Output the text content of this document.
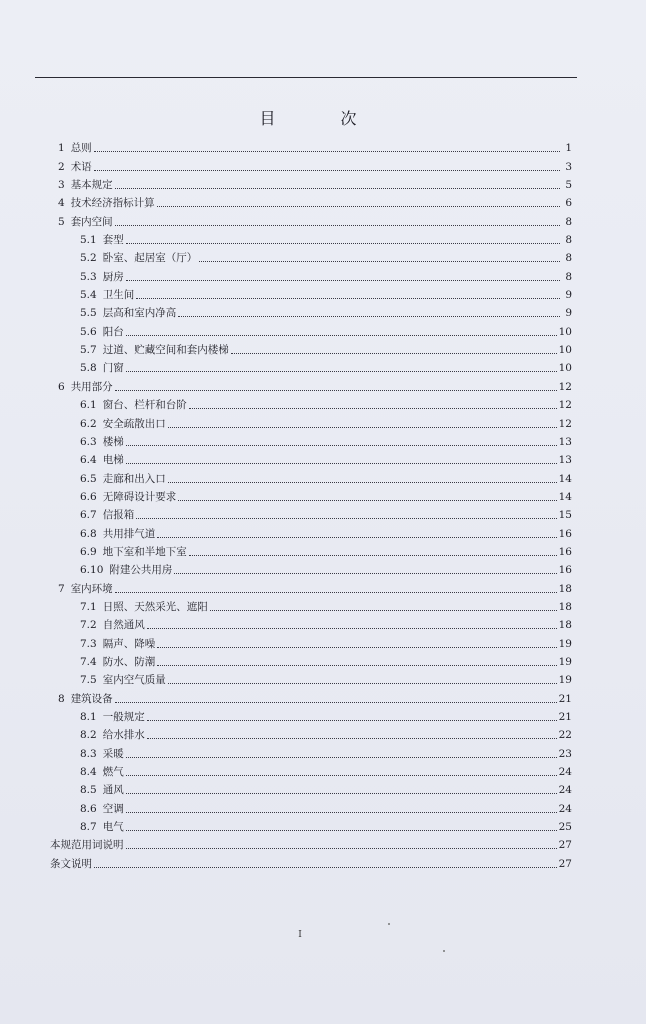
目 次
1 总则	1
2 术语	3
3 基本规定	5
4 技术经济指标计算	6
5 套内空间	8
5.1 套型	8
5.2 卧室、起居室（厅）	8
5.3 厨房	8
5.4 卫生间	9
5.5 层高和室内净高	9
5.6 阳台	10
5.7 过道、贮藏空间和套内楼梯	10
5.8 门窗	10
6 共用部分	12
6.1 窗台、栏杆和台阶	12
6.2 安全疏散出口	12
6.3 楼梯	13
6.4 电梯	13
6.5 走廊和出入口	14
6.6 无障碍设计要求	14
6.7 信报箱	15
6.8 共用排气道	16
6.9 地下室和半地下室	16
6.10 附建公共用房	16
7 室内环境	18
7.1 日照、天然采光、遮阳	18
7.2 自然通风	18
7.3 隔声、降噪	19
7.4 防水、防潮	19
7.5 室内空气质量	19
8 建筑设备	21
8.1 一般规定	21
8.2 给水排水	22
8.3 采暖	23
8.4 燃气	24
8.5 通风	24
8.6 空调	24
8.7 电气	25
本规范用词说明	27
条文说明	27
I
